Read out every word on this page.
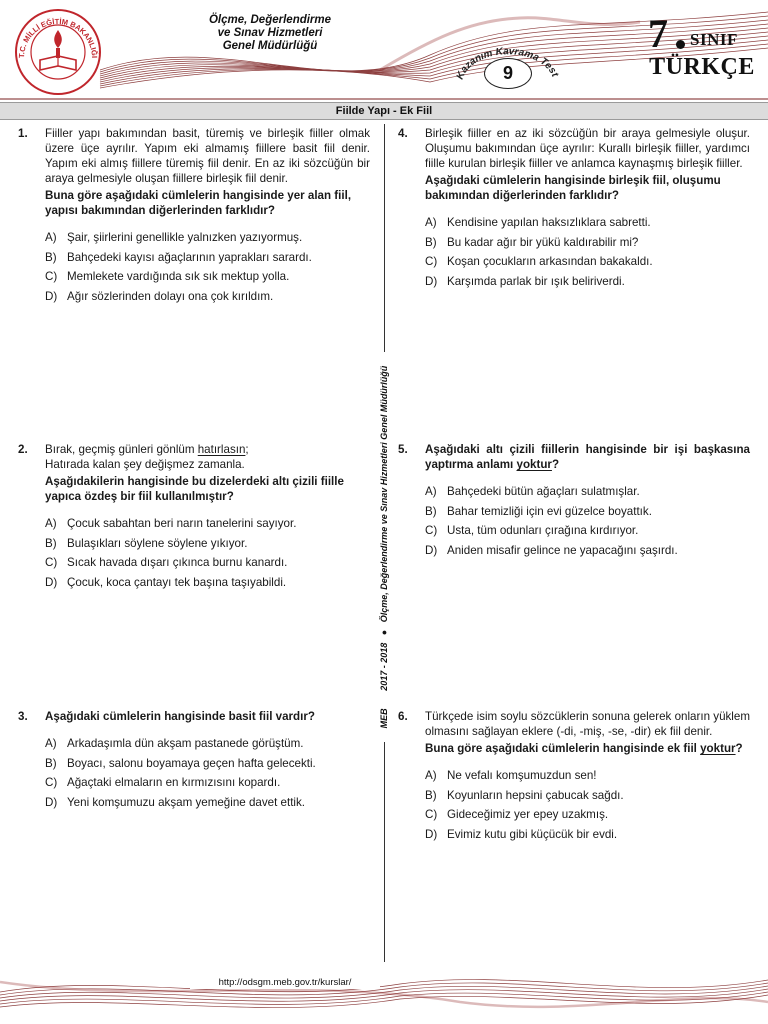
T.C. MİLLİ EĞİTİM BAKANLIĞI
Ölçme, Değerlendirme
ve Sınav Hizmetleri
Genel Müdürlüğü
Kazanım Kavrama Test
9
7 SINIF
TÜRKÇE
Fiilde Yapı - Ek Fiil
MEB   2017 - 2018 ● Ölçme, Değerlendirme ve Sınav Hizmetleri Genel Müdürlüğü
1. Fiiller yapı bakımından basit, türemiş ve birleşik fiiller olmak üzere üçe ayrılır. Yapım eki almamış fiillere basit fiil denir. Yapım eki almış fiillere türemiş fiil denir. En az iki sözcüğün bir araya gelmesiyle oluşan fiillere birleşik fiil denir.

Buna göre aşağıdaki cümlelerin hangisinde yer alan fiil, yapısı bakımından diğerlerinden farklıdır?

A) Şair, şiirlerini genellikle yalnızken yazıyormuş.
B) Bahçedeki kayısı ağaçlarının yaprakları sarardı.
C) Memlekete vardığında sık sık mektup yolla.
D) Ağır sözlerinden dolayı ona çok kırıldım.
2. Bırak, geçmiş günleri gönlüm hatırlasın;

Hatırada kalan şey değişmez zamanla.

Aşağıdakilerin hangisinde bu dizelerdeki altı çizili fiille yapıca özdeş bir fiil kullanılmıştır?

A) Çocuk sabahtan beri narın tanelerini sayıyor.
B) Bulaşıkları söylene söylene yıkıyor.
C) Sıcak havada dışarı çıkınca burnu kanardı.
D) Çocuk, koca çantayı tek başına taşıyabildi.
3. Aşağıdaki cümlelerin hangisinde basit fiil vardır?

A) Arkadaşımla dün akşam pastanede görüştüm.
B) Boyacı, salonu boyamaya geçen hafta gelecekti.
C) Ağaçtaki elmaların en kırmızısını kopardı.
D) Yeni komşumuzu akşam yemeğine davet ettik.
4. Birleşik fiiller en az iki sözcüğün bir araya gelmesiyle oluşur. Oluşumu bakımından üçe ayrılır: Kurallı birleşik fiiller, yardımcı fiille kurulan birleşik fiiller ve anlamca kaynaşmış birleşik fiiller.

Aşağıdaki cümlelerin hangisinde birleşik fiil, oluşumu bakımından diğerlerinden farklıdır?

A) Kendisine yapılan haksızlıklara sabretti.
B) Bu kadar ağır bir yükü kaldırabilir mi?
C) Koşan çocukların arkasından bakakaldı.
D) Karşımda parlak bir ışık beliriverdi.
5. Aşağıdaki altı çizili fiillerin hangisinde bir işi başkasına yaptırma anlamı yoktur?

A) Bahçedeki bütün ağaçları sulatmışlar.
B) Bahar temizliği için evi güzelce boyattık.
C) Usta, tüm odunları çırağına kırdırıyor.
D) Aniden misafir gelince ne yapacağını şaşırdı.
6. Türkçede isim soylu sözcüklerin sonuna gelerek onların yüklem olmasını sağlayan eklere (-di, -miş, -se, -dir) ek fiil denir.

Buna göre aşağıdaki cümlelerin hangisinde ek fiil yoktur?

A) Ne vefalı komşumuzdun sen!
B) Koyunların hepsini çabucak sağdı.
C) Gideceğimiz yer epey uzakmış.
D) Evimiz kutu gibi küçücük bir evdi.
http://odsgm.meb.gov.tr/kurslar/
